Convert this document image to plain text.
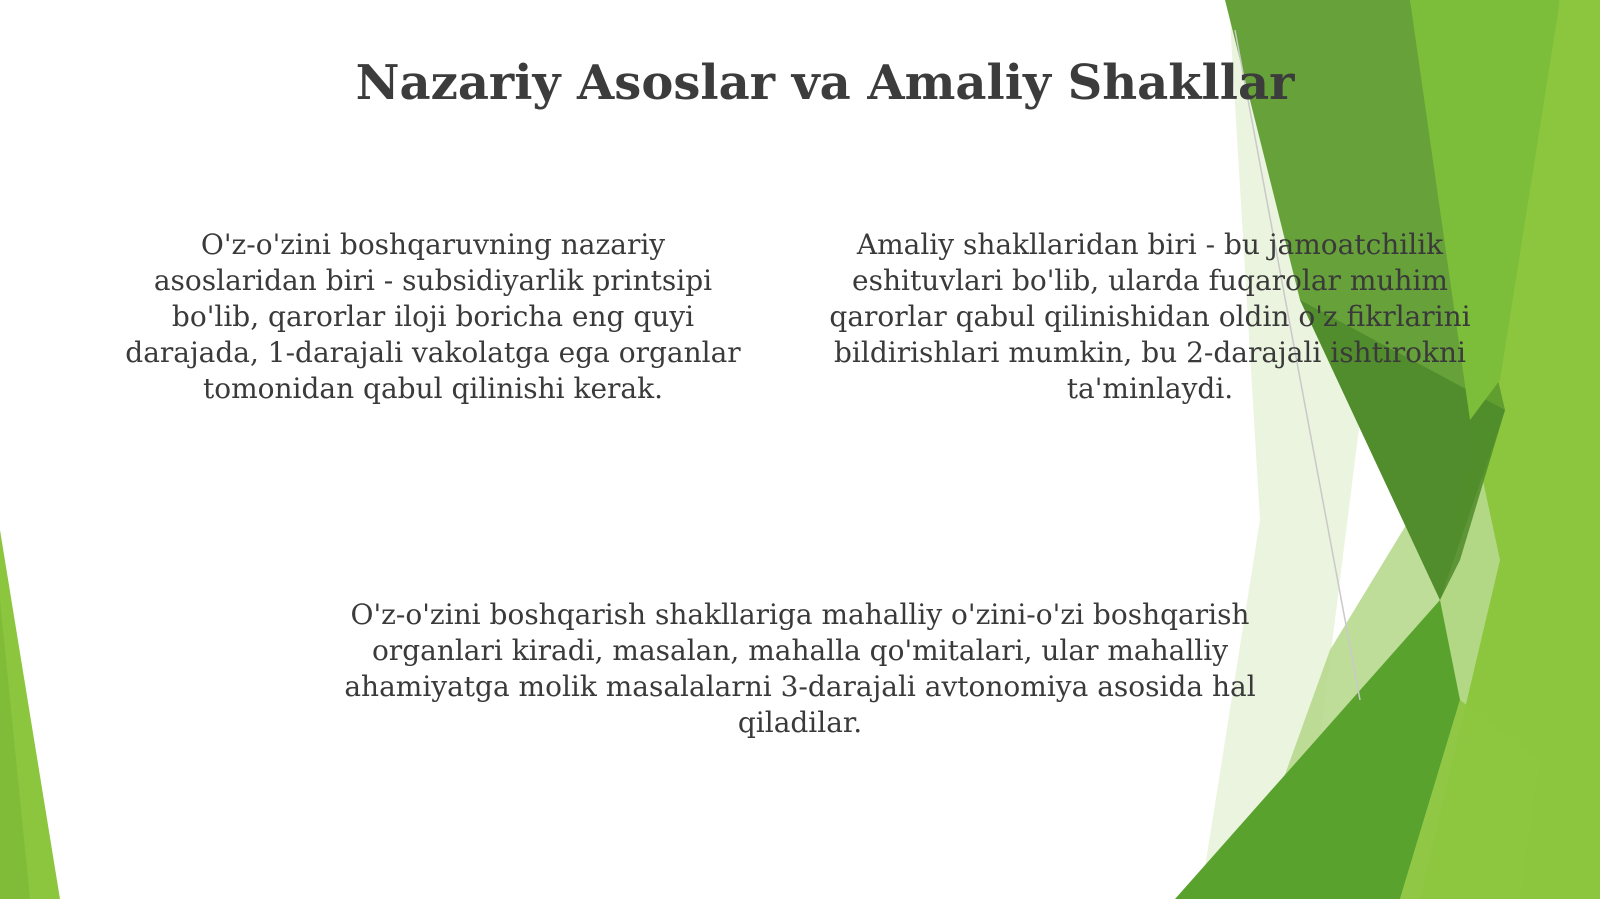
Nazariy Asoslar va Amaliy Shakllar

O'z-o'zini boshqaruvning nazariy asoslaridan biri - subsidiyarlik printsipi bo'lib, qarorlar iloji boricha eng quyi darajada, 1-darajali vakolatga ega organlar tomonidan qabul qilinishi kerak.

Amaliy shakllaridan biri - bu jamoatchilik eshituvlari bo'lib, ularda fuqarolar muhim qarorlar qabul qilinishidan oldin o'z fikrlarini bildirishlari mumkin, bu 2-darajali ishtirokni ta'minlaydi.

O'z-o'zini boshqarish shakllariga mahalliy o'zini-o'zi boshqarish organlari kiradi, masalan, mahalla qo'mitalari, ular mahalliy ahamiyatga molik masalalarni 3-darajali avtonomiya asosida hal qiladilar.
